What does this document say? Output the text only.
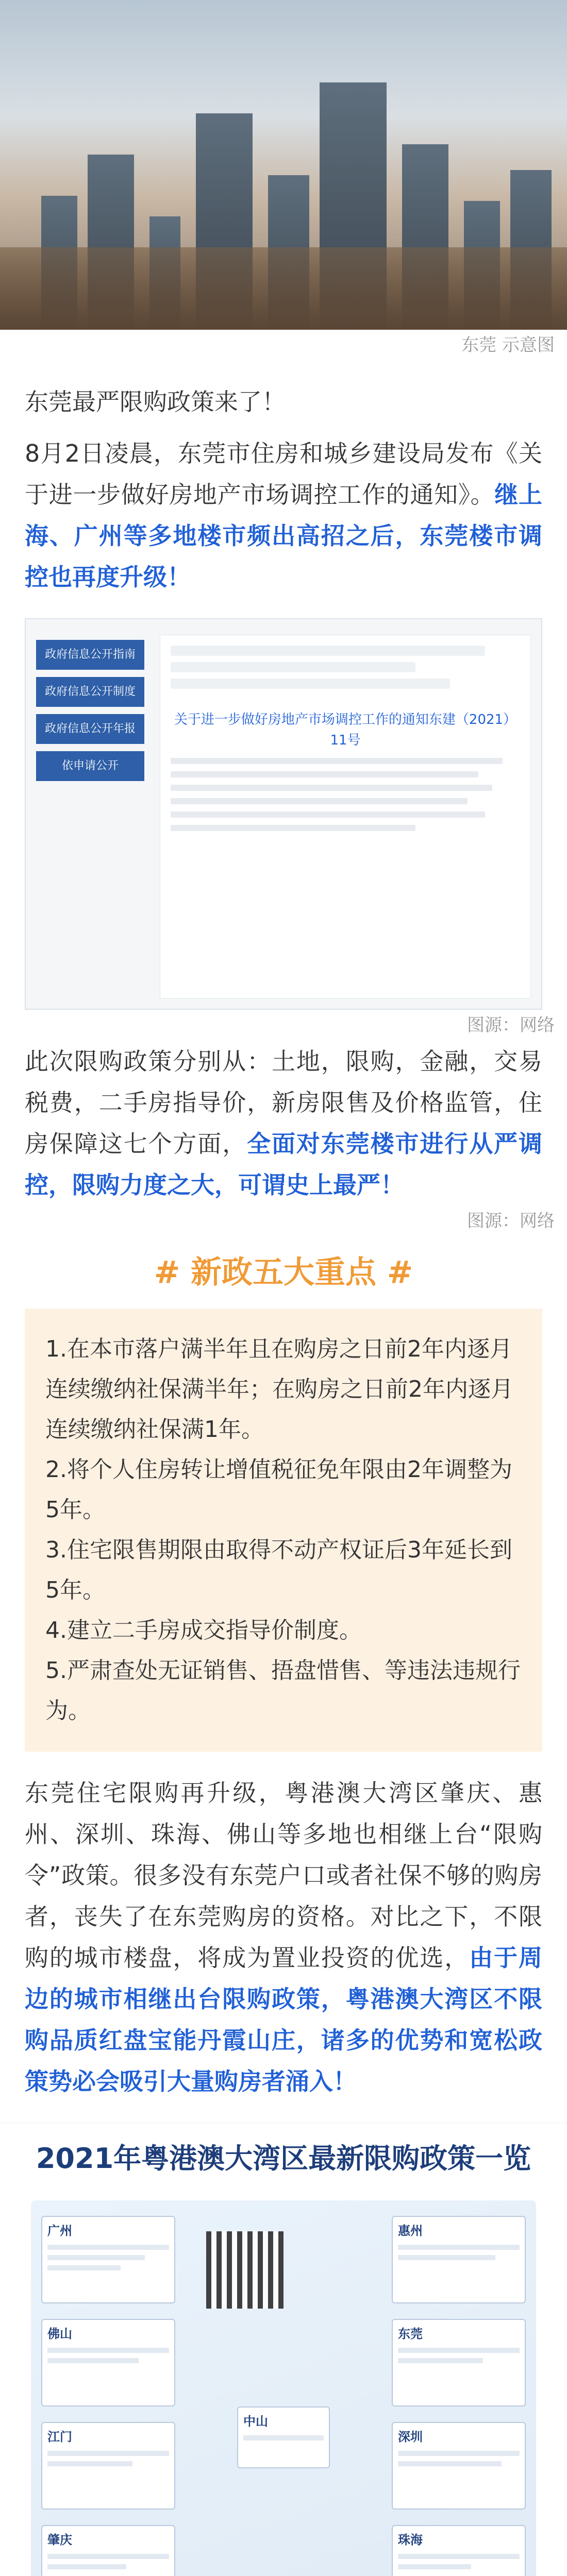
东莞 示意图

东莞最严限购政策来了！

8月2日凌晨，东莞市住房和城乡建设局发布《关于进一步做好房地产市场调控工作的通知》。继上海、广州等多地楼市频出高招之后，东莞楼市调控也再度升级！

政府信息公开指南
政府信息公开制度
政府信息公开年报
依申请公开
关于进一步做好房地产市场调控工作的通知东建（2021）11号
图源：网络

此次限购政策分别从：土地，限购，金融，交易税费，二手房指导价，新房限售及价格监管，住房保障这七个方面，全面对东莞楼市进行从严调控，限购力度之大，可谓史上最严！

图源：网络
# 新政五大重点 #

1.在本市落户满半年且在购房之日前2年内逐月连续缴纳社保满半年；在购房之日前2年内逐月连续缴纳社保满1年。

2.将个人住房转让增值税征免年限由2年调整为5年。

3.住宅限售期限由取得不动产权证后3年延长到5年。

4.建立二手房成交指导价制度。

5.严肃查处无证销售、捂盘惜售、等违法违规行为。

东莞住宅限购再升级，粤港澳大湾区肇庆、惠州、深圳、珠海、佛山等多地也相继上台“限购令”政策。很多没有东莞户口或者社保不够的购房者，丧失了在东莞购房的资格。对比之下，不限购的城市楼盘，将成为置业投资的优选，由于周边的城市相继出台限购政策，粤港澳大湾区不限购品质红盘宝能丹霞山庄，诸多的优势和宽松政策势必会吸引大量购房者涌入！

2021年粤港澳大湾区最新限购政策一览
广州
佛山
江门
肇庆
惠州
东莞
深圳
珠海
中山
